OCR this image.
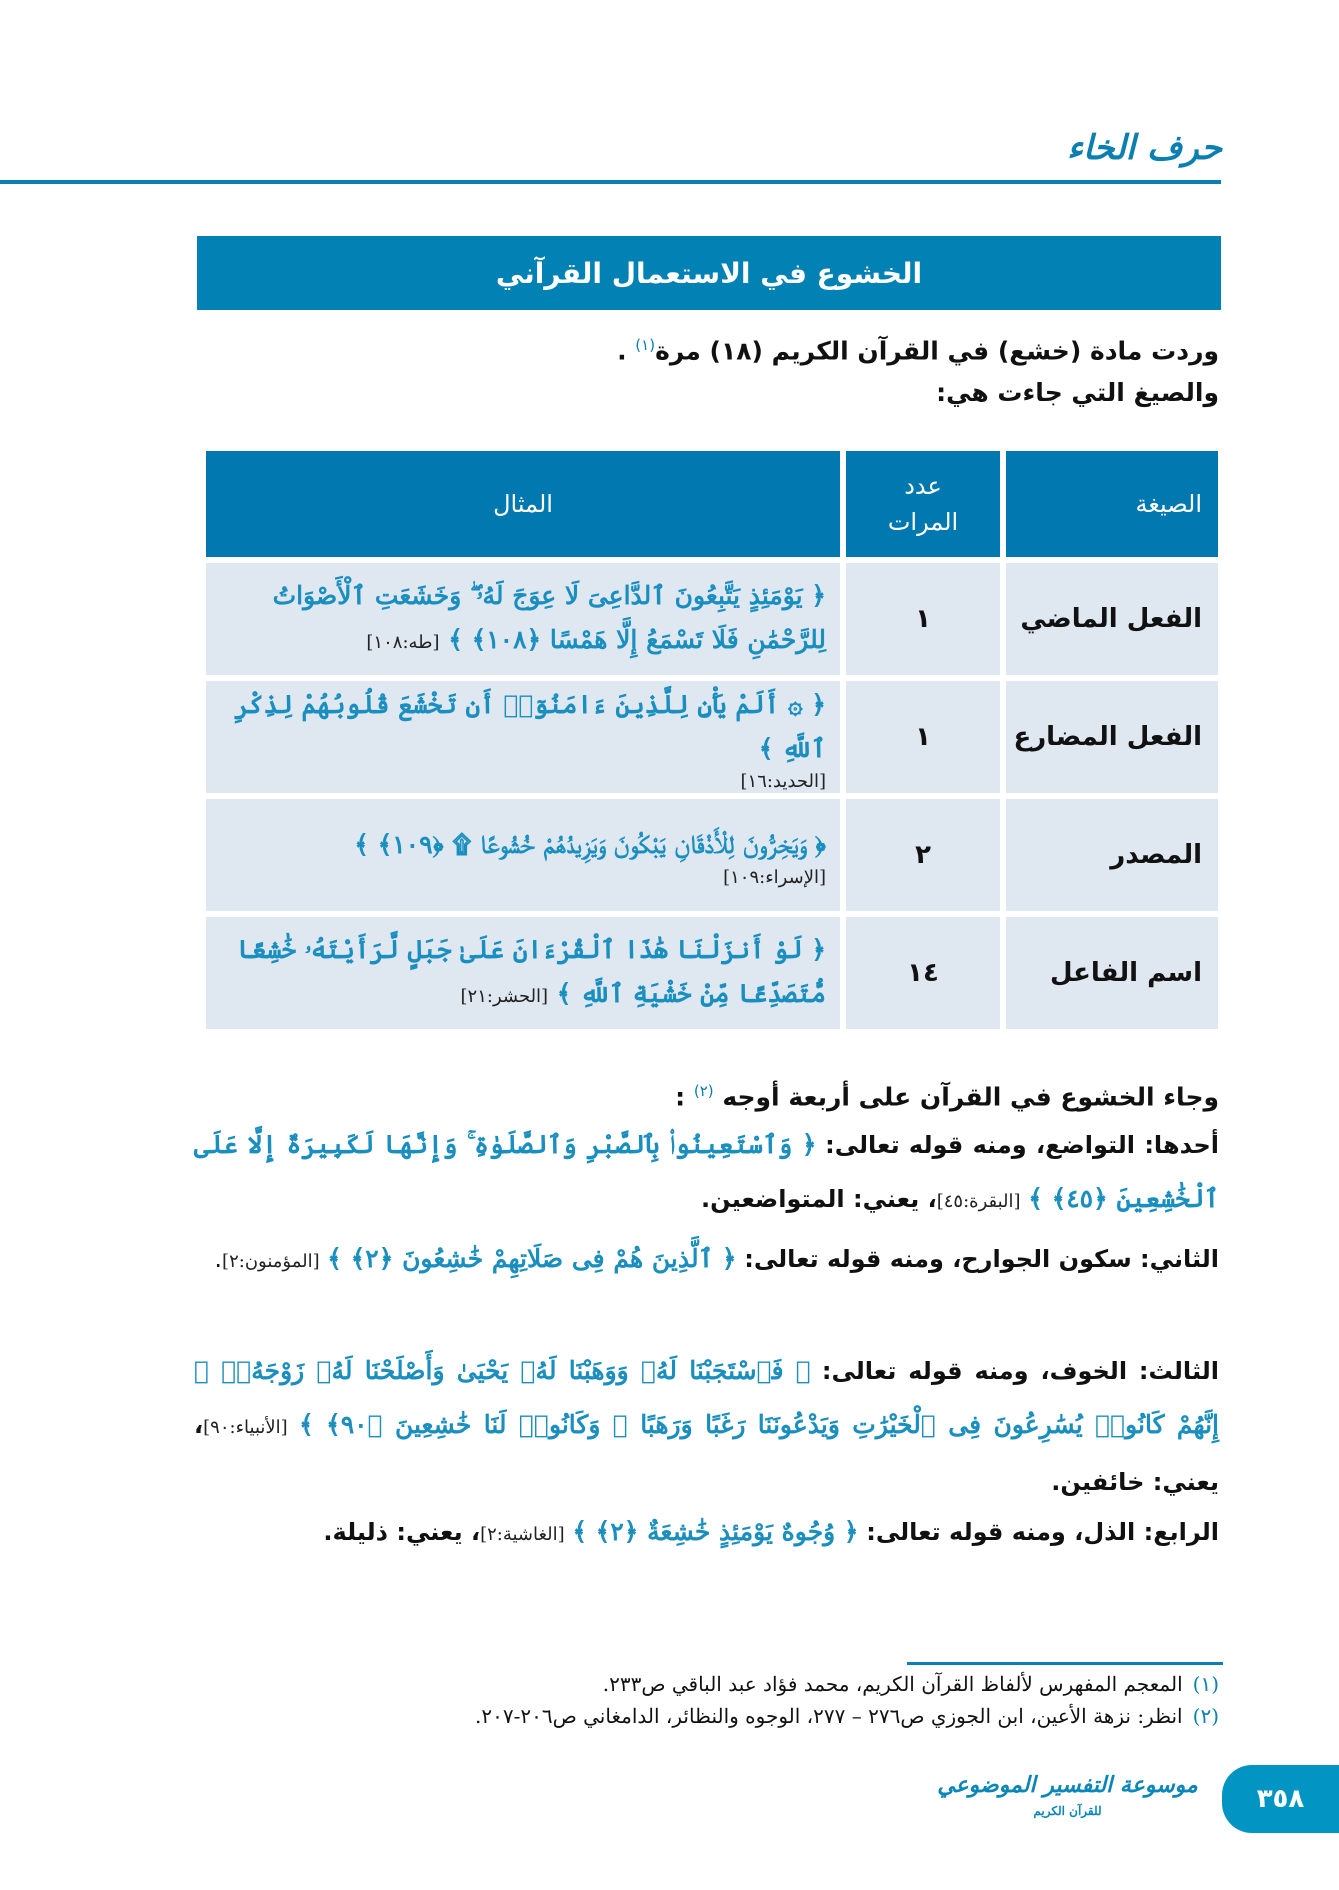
حرف الخاء
الخشوع في الاستعمال القرآني
وردت مادة (خشع) في القرآن الكريم (١٨) مرة$^{(١)}$ .
والصيغ التي جاءت هي:
الصيغة
عدد
المرات
المثال
الفعل الماضي
١
﴿ يَوْمَئِذٍ يَتَّبِعُونَ ٱلدَّاعِىَ لَا عِوَجَ لَهُۥ ۖ وَخَشَعَتِ ٱلْأَصْوَاتُ لِلرَّحْمَٰنِ فَلَا تَسْمَعُ إِلَّا هَمْسًا ﴿١٠٨﴾ ﴾ [طه:١٠٨]
الفعل المضارع
١
﴿ ۞ أَلَمْ يَأْنِ لِلَّذِينَ ءَامَنُوٓا۟ أَن تَخْشَعَ قُلُوبُهُمْ لِذِكْرِ ٱللَّهِ ﴾
[الحديد:١٦]
المصدر
٢
﴿ وَيَخِرُّونَ لِلْأَذْقَانِ يَبْكُونَ وَيَزِيدُهُمْ خُشُوعًا ۩ ﴿١٠٩﴾ ﴾
[الإسراء:١٠٩]
اسم الفاعل
١٤
﴿ لَوْ أَنزَلْنَا هَٰذَا ٱلْقُرْءَانَ عَلَىٰ جَبَلٍ لَّرَأَيْتَهُۥ خَٰشِعًا مُّتَصَدِّعًا مِّنْ خَشْيَةِ ٱللَّهِ ﴾ [الحشر:٢١]
وجاء الخشوع في القرآن على أربعة أوجه $^{(٢)}$ :
أحدها: التواضع، ومنه قوله تعالى: ﴿ وَٱسْتَعِينُوا۟ بِٱلصَّبْرِ وَٱلصَّلَوٰةِ ۚ وَإِنَّهَا لَكَبِيرَةٌ إِلَّا عَلَى ٱلْخَٰشِعِينَ ﴿٤٥﴾ ﴾ [البقرة:٤٥]، يعني: المتواضعين.
الثاني: سكون الجوارح، ومنه قوله تعالى: ﴿ ٱلَّذِينَ هُمْ فِى صَلَاتِهِمْ خَٰشِعُونَ ﴿٢﴾ ﴾ [المؤمنون:٢].
الثالث: الخوف، ومنه قوله تعالى: ﴿ فَٱسْتَجَبْنَا لَهُۥ وَوَهَبْنَا لَهُۥ يَحْيَىٰ وَأَصْلَحْنَا لَهُۥ زَوْجَهُۥٓ ۚ إِنَّهُمْ كَانُوا۟ يُسَٰرِعُونَ فِى ٱلْخَيْرَٰتِ وَيَدْعُونَنَا رَغَبًا وَرَهَبًا ۖ وَكَانُوا۟ لَنَا خَٰشِعِينَ ﴿٩٠﴾ ﴾ [الأنبياء:٩٠]، يعني: خائفين.
الرابع: الذل، ومنه قوله تعالى: ﴿ وُجُوهٌ يَوْمَئِذٍ خَٰشِعَةٌ ﴿٢﴾ ﴾ [الغاشية:٢]، يعني: ذليلة.
(١)المعجم المفهرس لألفاظ القرآن الكريم، محمد فؤاد عبد الباقي ص٢٣٣.
(٢)انظر: نزهة الأعين، ابن الجوزي ص٢٧٦ – ٢٧٧، الوجوه والنظائر، الدامغاني ص٢٠٦-٢٠٧.
موسوعة التفسير الموضوعي
للقرآن الكريم	٣٥٨
